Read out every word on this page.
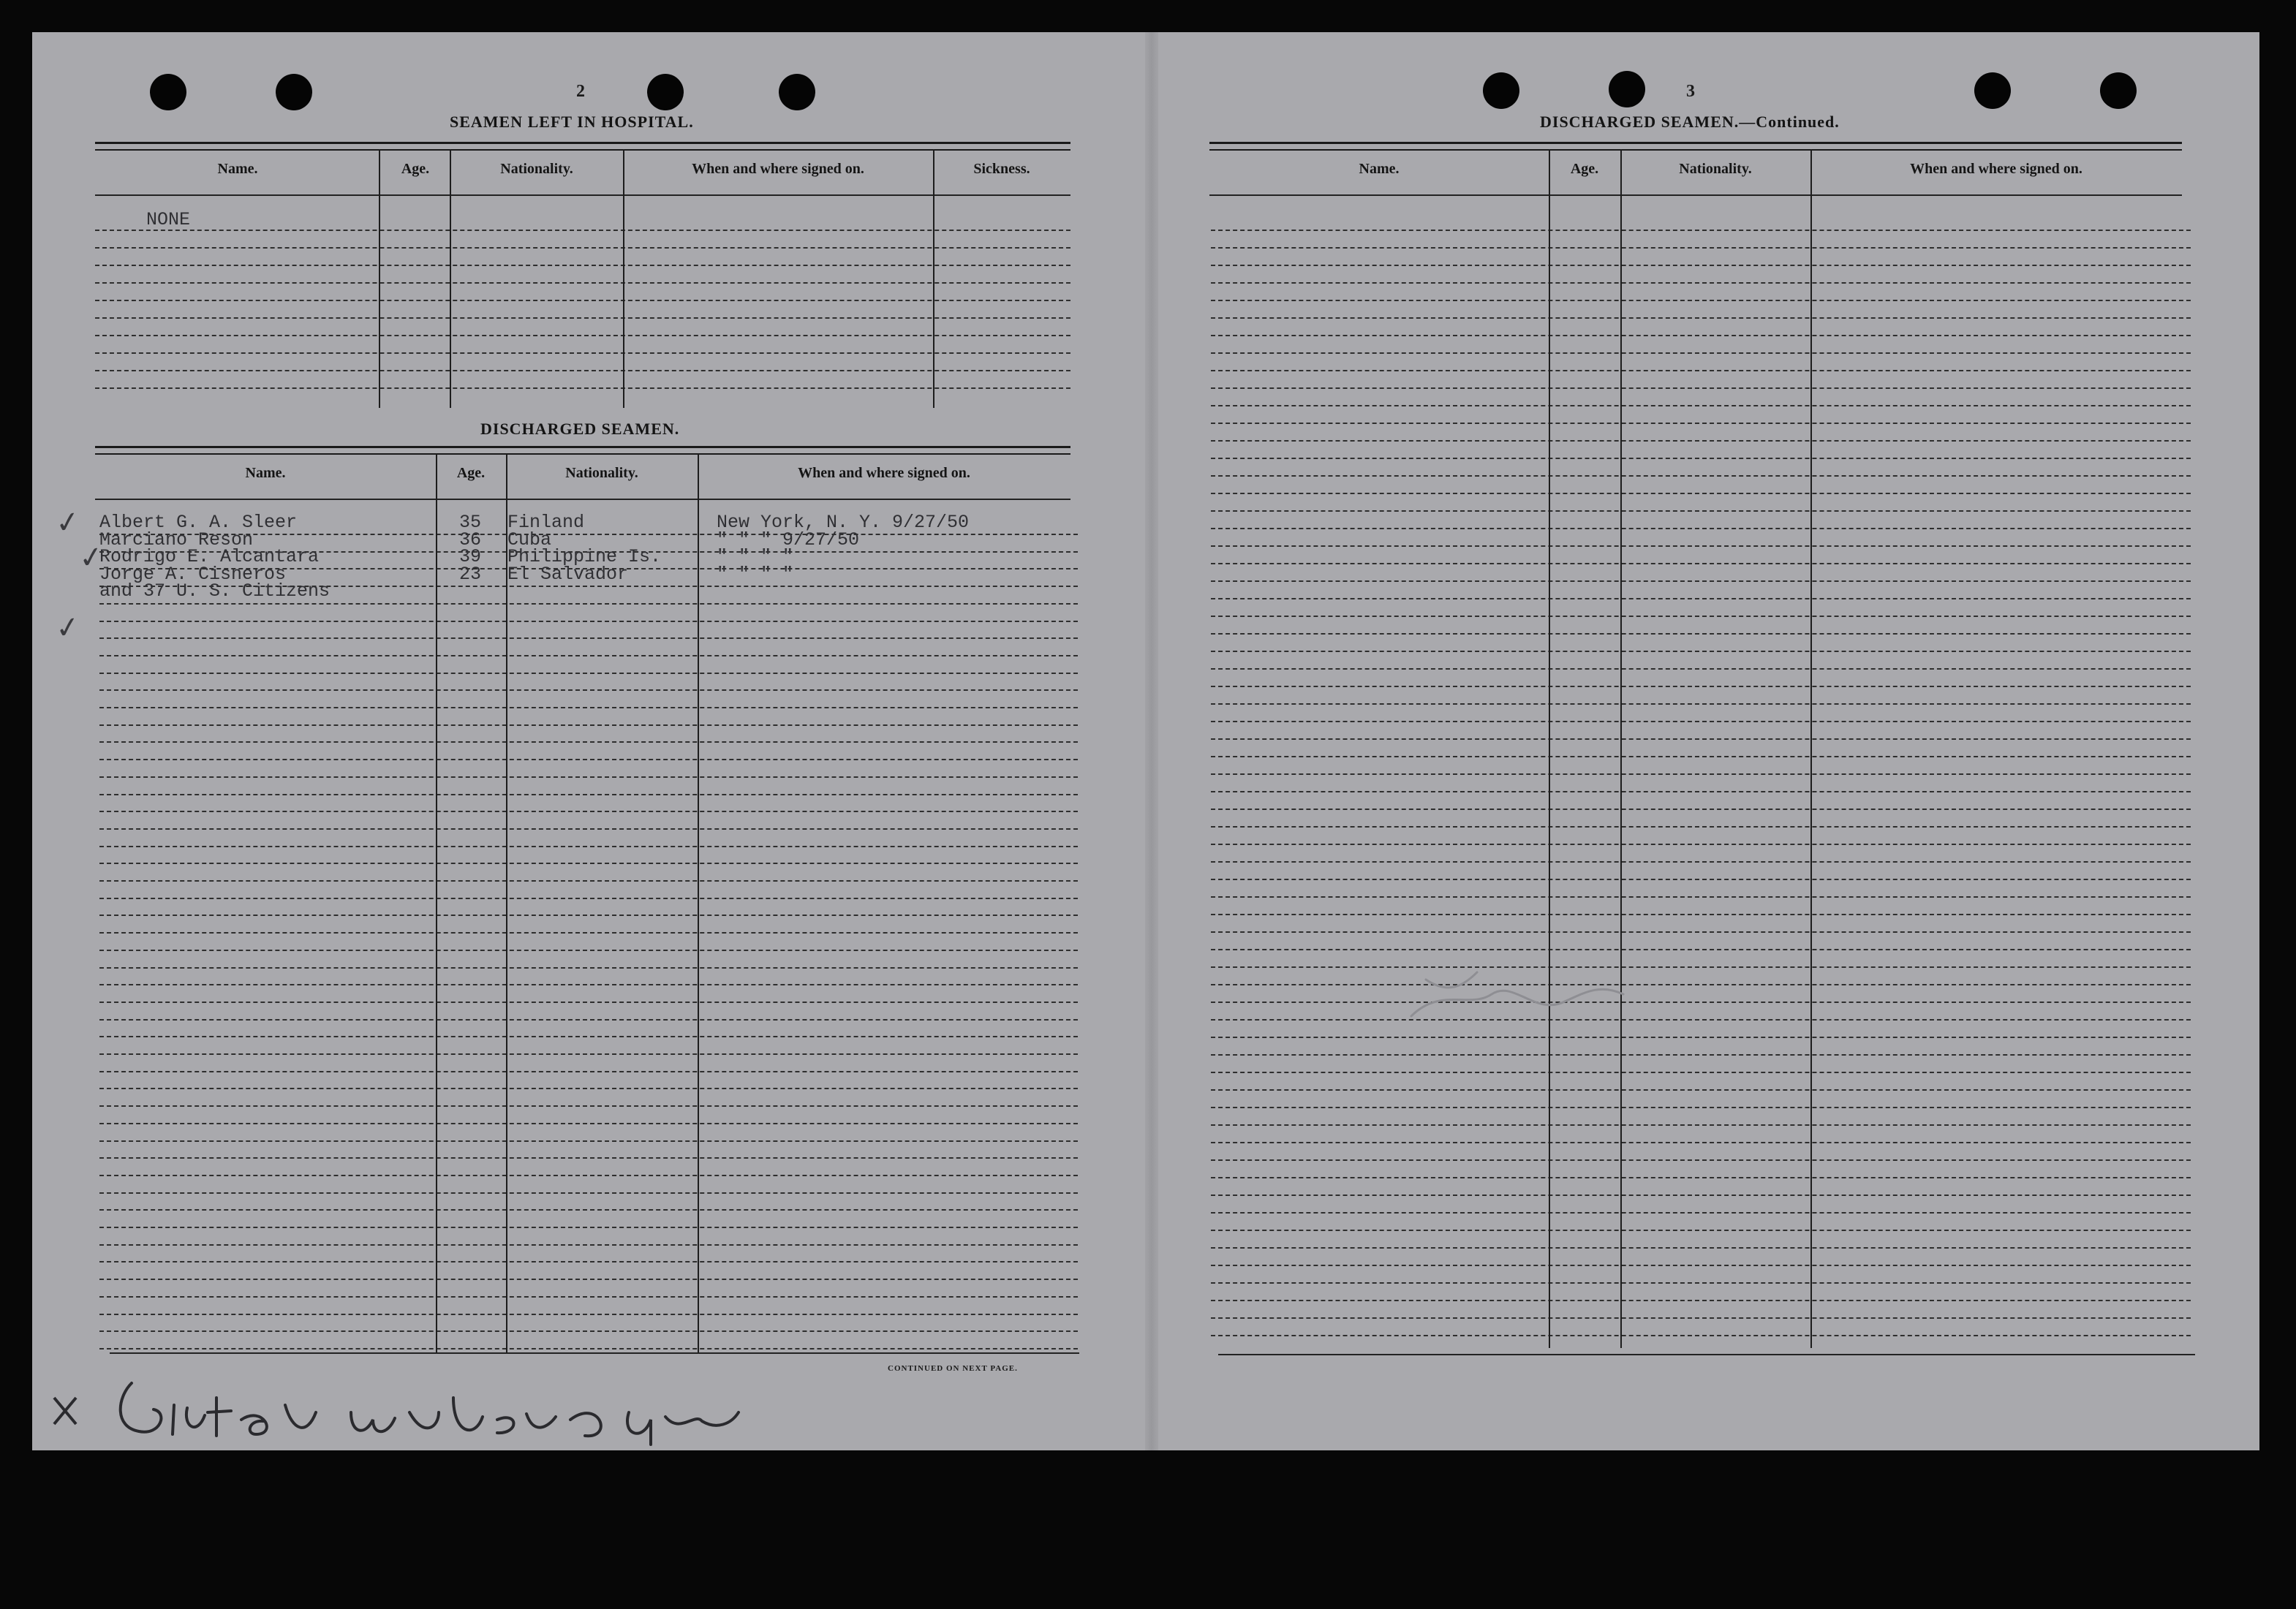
2
SEAMEN LEFT IN HOSPITAL.
Name.	Age.	Nationality.	When and where signed on.	Sickness.
NONE
DISCHARGED SEAMEN.
Name.	Age.	Nationality.	When and where signed on.
Albert G. A. Sleer	35 Finland	New York, N. Y. 9/27/50
Marciano Reson	36 Cuba	" " " 9/27/50
Rodrigo E. Alcantara	39 Philippine Is.	" " " "
Jorge A. Cisneros	23 El Salvador	" " " "
and 37 U. S. Citizens
✓
✓
✓
CONTINUED ON NEXT PAGE.
3
DISCHARGED SEAMEN.—Continued.
Name.	Age.	Nationality.	When and where signed on.
